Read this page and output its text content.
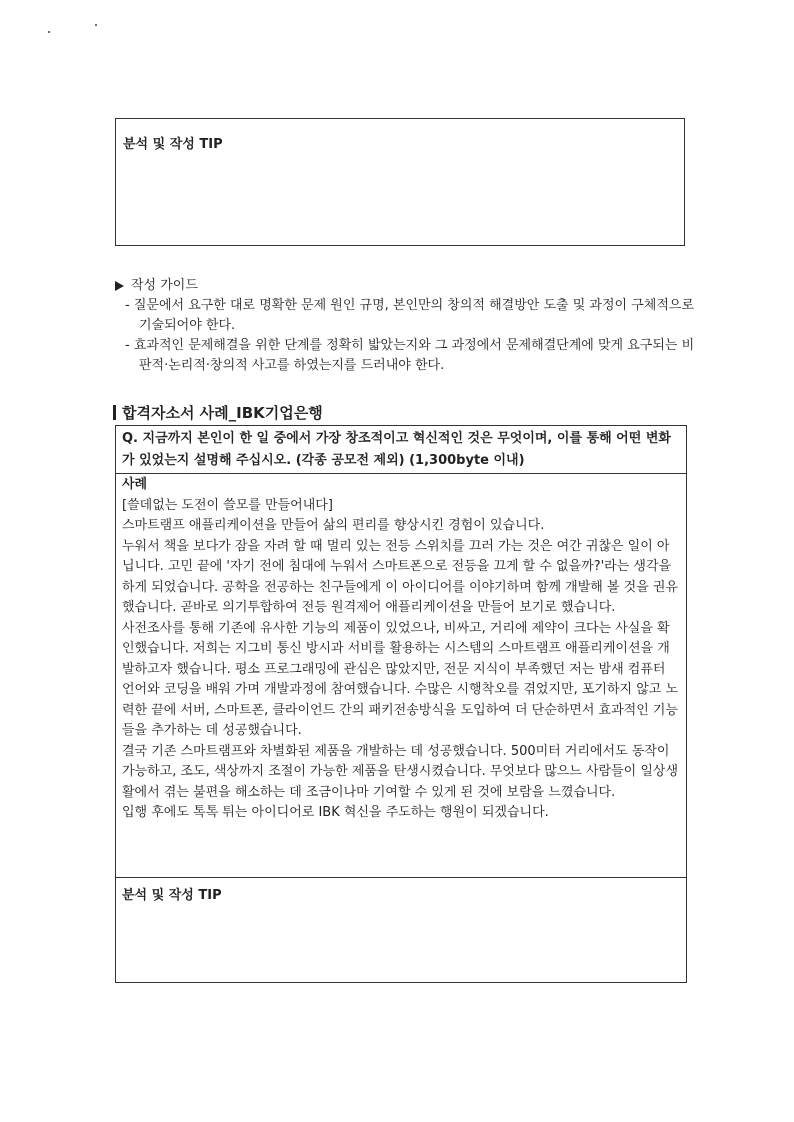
분석 및 작성 TIP
작성 가이드
- 질문에서 요구한 대로 명확한 문제 원인 규명, 본인만의 창의적 해결방안 도출 및 과정이 구체적으로 기술되어야 한다.
- 효과적인 문제해결을 위한 단계를 정확히 밟았는지와 그 과정에서 문제해결단계에 맞게 요구되는 비판적·논리적·창의적 사고를 하였는지를 드러내야 한다.
합격자소서 사례_IBK기업은행
Q. 지금까지 본인이 한 일 중에서 가장 창조적이고 혁신적인 것은 무엇이며, 이를 통해 어떤 변화가 있었는지 설명해 주십시오. (각종 공모전 제외) (1,300byte 이내)
사례

[쓸데없는 도전이 쓸모를 만들어내다]

스마트램프 애플리케이션을 만들어 삶의 편리를 향상시킨 경험이 있습니다.

누워서 책을 보다가 잠을 자려 할 때 멀리 있는 전등 스위치를 끄러 가는 것은 여간 귀찮은 일이 아닙니다. 고민 끝에 '자기 전에 침대에 누워서 스마트폰으로 전등을 끄게 할 수 없을까?'라는 생각을 하게 되었습니다. 공학을 전공하는 친구들에게 이 아이디어를 이야기하며 함께 개발해 볼 것을 권유했습니다. 곧바로 의기투합하여 전등 원격제어 애플리케이션을 만들어 보기로 했습니다.

사전조사를 통해 기존에 유사한 기능의 제품이 있었으나, 비싸고, 거리에 제약이 크다는 사실을 확인했습니다. 저희는 지그비 통신 방시과 서비를 활용하는 시스템의 스마트램프 애플리케이션을 개발하고자 했습니다. 평소 프로그래밍에 관심은 많았지만, 전문 지식이 부족했던 저는 밤새 컴퓨터 언어와 코딩을 배워 가며 개발과정에 참여했습니다. 수많은 시행착오를 겪었지만, 포기하지 않고 노력한 끝에 서버, 스마트폰, 클라이언드 간의 패키전송방식을 도입하여 더 단순하면서 효과적인 기능들을 추가하는 데 성공했습니다.

결국 기존 스마트램프와 차별화된 제품을 개발하는 데 성공했습니다. 500미터 거리에서도 동작이 가능하고, 조도, 색상까지 조절이 가능한 제품을 탄생시켰습니다. 무엇보다 많으느 사람들이 일상생활에서 겪는 불편을 해소하는 데 조금이나마 기여할 수 있게 된 것에 보람을 느꼈습니다.

입행 후에도 톡톡 튀는 아이디어로 IBK 혁신을 주도하는 행원이 되겠습니다.

분석 및 작성 TIP
